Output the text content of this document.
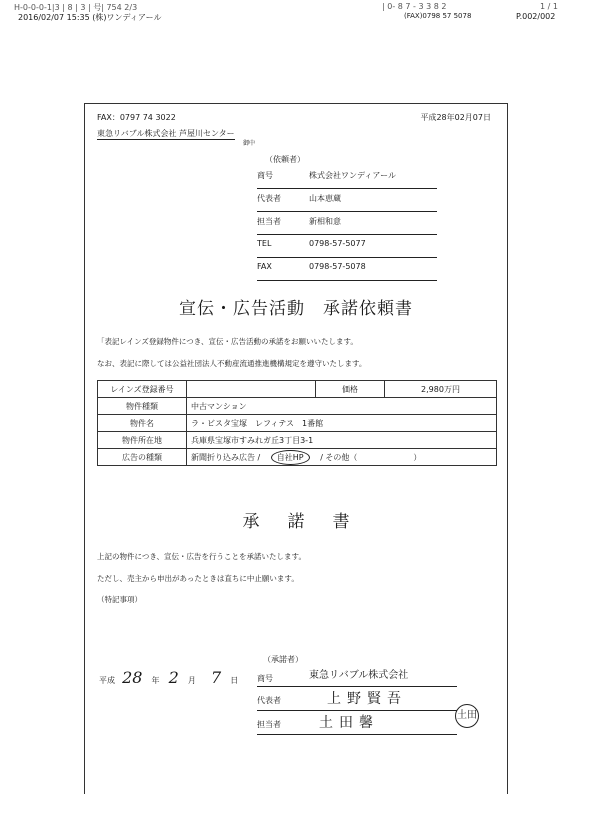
H-0-0-0-1|3 | 8 | 3 | 号| 754 2/3
2016/02/07 15:35 (株)ワンディアール
| 0- 8 7 - 3 3 8 2
(FAX)0798 57 5078	P.002/002
1 / 1
FAX：0797 74 3022	平成28年02月07日
東急リバブル株式会社 芦屋川センター
御中
（依頼者）
商号	株式会社ワンディアール
代表者	山本恵蔵
担当者	新相和意
TEL	0798-57-5077
FAX	0798-57-5078
宣伝・広告活動　承諾依頼書
「表記レインズ登録物件につき、宣伝・広告活動の承諾をお願いいたします。
なお、表記に際しては公益社団法人不動産流通推進機構規定を遵守いたします。
レインズ登録番号		価格	2,980万円
物件種類	中古マンション		
物件名	ラ・ビスタ宝塚　レフィテス　1番館		
物件所在地	兵庫県宝塚市すみれガ丘3丁目3-1		
広告の種類	新聞折り込み広告 / 自社HP / その他（　　　　　　　）		
承諾書
上記の物件につき、宣伝・広告を行うことを承諾いたします。
ただし、売主から申出があったときは直ちに中止願います。
（特記事項）
平成 28 年 2 月 7 日
（承諾者）
商号	東急リバブル株式会社
代表者	上野賢吾
担当者	土田馨	土田
